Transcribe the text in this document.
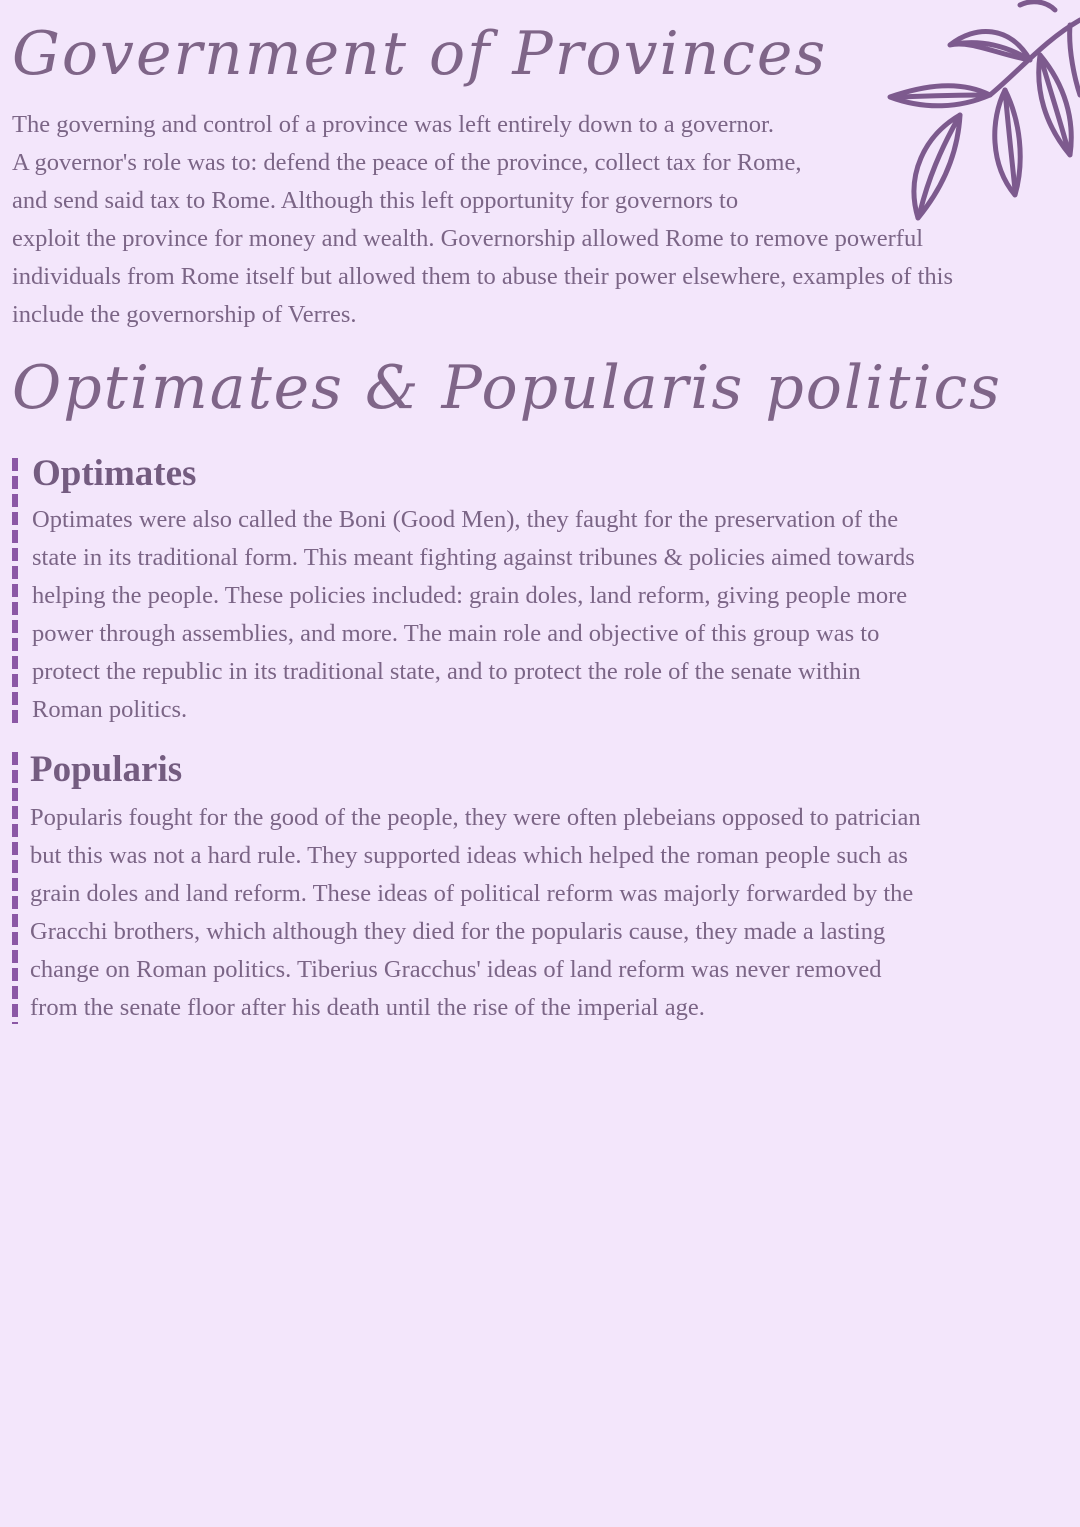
Government of Provinces

The governing and control of a province was left entirely down to a governor.
A governor's role was to: defend the peace of the province, collect tax for Rome,
and send said tax to Rome. Although this left opportunity for governors to
exploit the province for money and wealth. Governorship allowed Rome to remove powerful
individuals from Rome itself but allowed them to abuse their power elsewhere, examples of this
include the governorship of Verres.

Optimates & Popularis politics
Optimates

Optimates were also called the Boni (Good Men), they faught for the preservation of the
state in its traditional form. This meant fighting against tribunes & policies aimed towards
helping the people. These policies included: grain doles, land reform, giving people more
power through assemblies, and more. The main role and objective of this group was to
protect the republic in its traditional state, and to protect the role of the senate within
Roman politics.

Popularis

Popularis fought for the good of the people, they were often plebeians opposed to patrician
but this was not a hard rule. They supported ideas which helped the roman people such as
grain doles and land reform. These ideas of political reform was majorly forwarded by the
Gracchi brothers, which although they died for the popularis cause, they made a lasting
change on Roman politics. Tiberius Gracchus' ideas of land reform was never removed
from the senate floor after his death until the rise of the imperial age.
